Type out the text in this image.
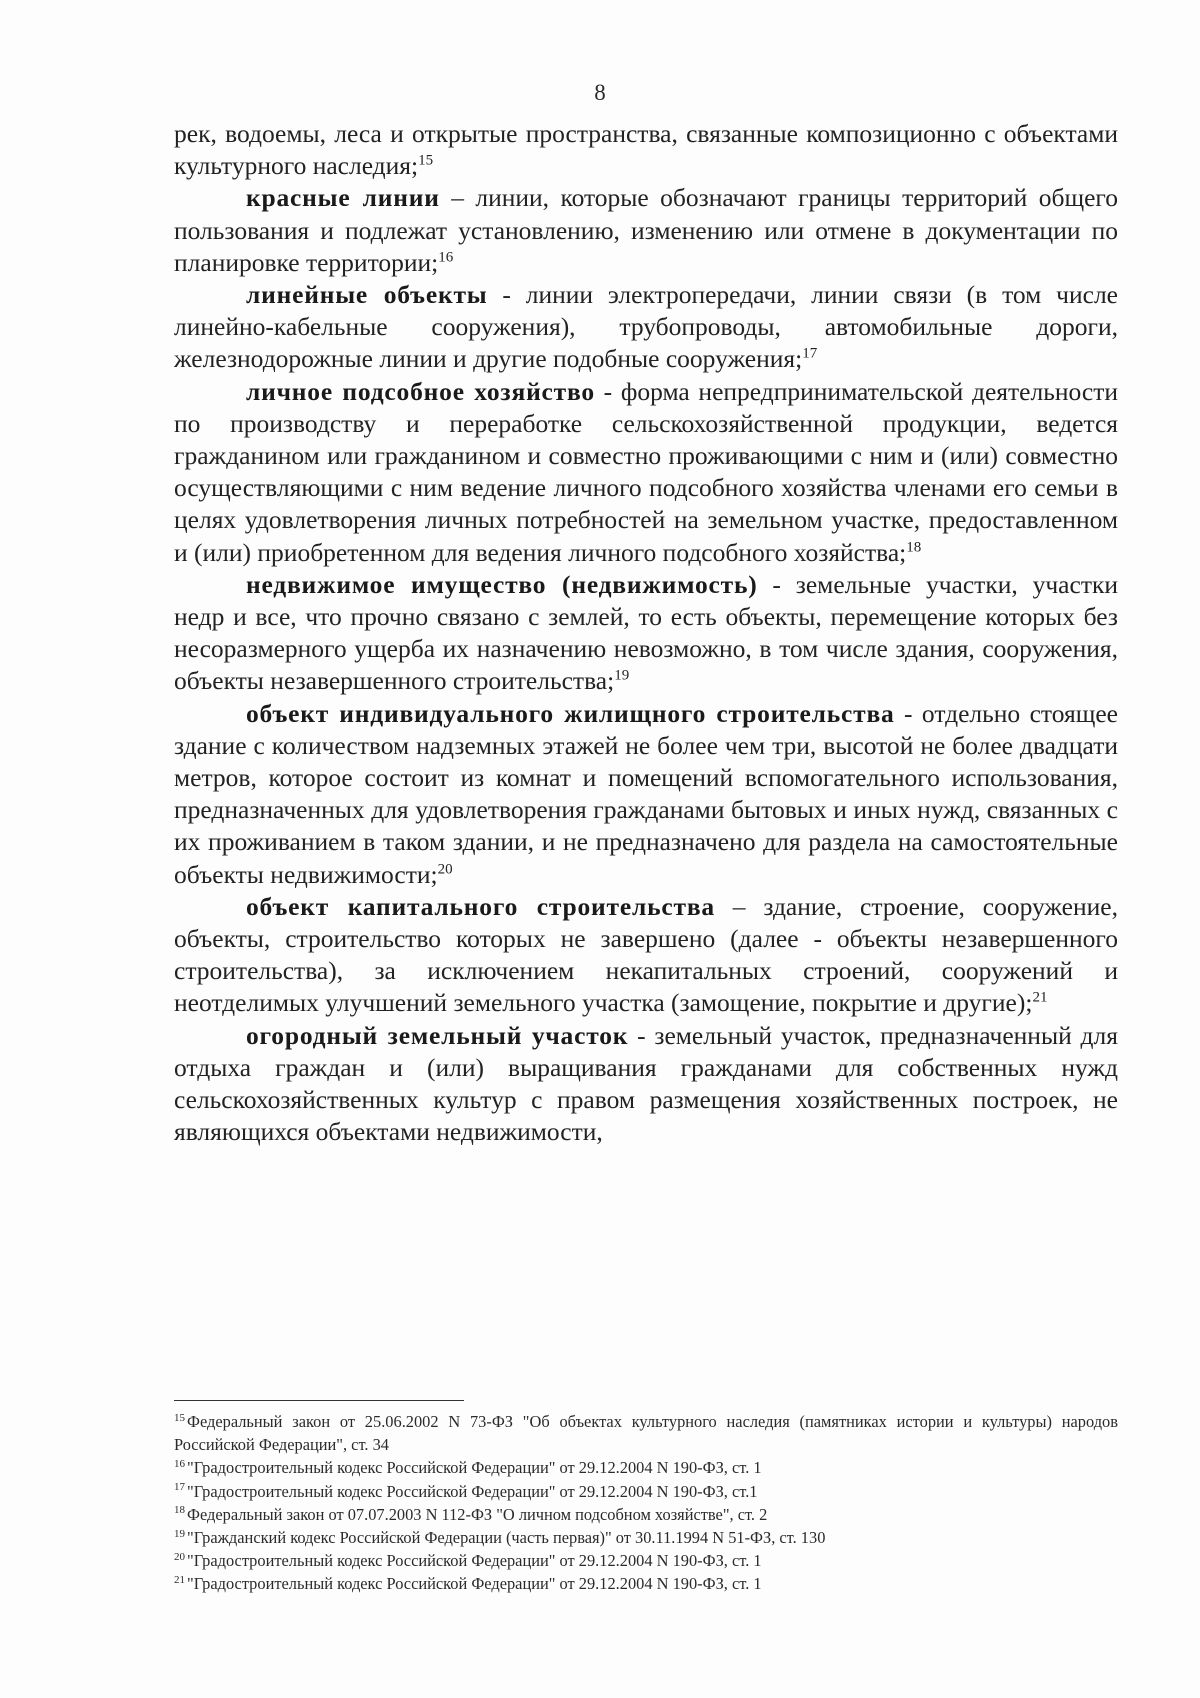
8

рек, водоемы, леса и открытые пространства, связанные композиционно с объектами культурного наследия;$^{15}$

красные линии – линии, которые обозначают границы территорий общего пользования и подлежат установлению, изменению или отмене в документации по планировке территории;$^{16}$

линейные объекты - линии электропередачи, линии связи (в том числе линейно-кабельные сооружения), трубопроводы, автомобильные дороги, железнодорожные линии и другие подобные сооружения;$^{17}$

личное подсобное хозяйство - форма непредпринимательской деятельности по производству и переработке сельскохозяйственной продукции, ведется гражданином или гражданином и совместно проживающими с ним и (или) совместно осуществляющими с ним ведение личного подсобного хозяйства членами его семьи в целях удовлетворения личных потребностей на земельном участке, предоставленном и (или) приобретенном для ведения личного подсобного хозяйства;$^{18}$

недвижимое имущество (недвижимость) - земельные участки, участки недр и все, что прочно связано с землей, то есть объекты, перемещение которых без несоразмерного ущерба их назначению невозможно, в том числе здания, сооружения, объекты незавершенного строительства;$^{19}$

объект индивидуального жилищного строительства - отдельно стоящее здание с количеством надземных этажей не более чем три, высотой не более двадцати метров, которое состоит из комнат и помещений вспомогательного использования, предназначенных для удовлетворения гражданами бытовых и иных нужд, связанных с их проживанием в таком здании, и не предназначено для раздела на самостоятельные объекты недвижимости;$^{20}$

объект капитального строительства – здание, строение, сооружение, объекты, строительство которых не завершено (далее - объекты незавершенного строительства), за исключением некапитальных строений, сооружений и неотделимых улучшений земельного участка (замощение, покрытие и другие);$^{21}$

огородный земельный участок - земельный участок, предназначенный для отдыха граждан и (или) выращивания гражданами для собственных нужд сельскохозяйственных культур с правом размещения хозяйственных построек, не являющихся объектами недвижимости,

$^{15}$ Федеральный закон от 25.06.2002 N 73-ФЗ "Об объектах культурного наследия (памятниках истории и культуры) народов Российской Федерации", ст. 34

$^{16}$ "Градостроительный кодекс Российской Федерации" от 29.12.2004 N 190-ФЗ, ст. 1

$^{17}$ "Градостроительный кодекс Российской Федерации" от 29.12.2004 N 190-ФЗ, ст.1

$^{18}$ Федеральный закон от 07.07.2003 N 112-ФЗ "О личном подсобном хозяйстве", ст. 2

$^{19}$ "Гражданский кодекс Российской Федерации (часть первая)" от 30.11.1994 N 51-ФЗ, ст. 130

$^{20}$ "Градостроительный кодекс Российской Федерации" от 29.12.2004 N 190-ФЗ, ст. 1

$^{21}$ "Градостроительный кодекс Российской Федерации" от 29.12.2004 N 190-ФЗ, ст. 1
